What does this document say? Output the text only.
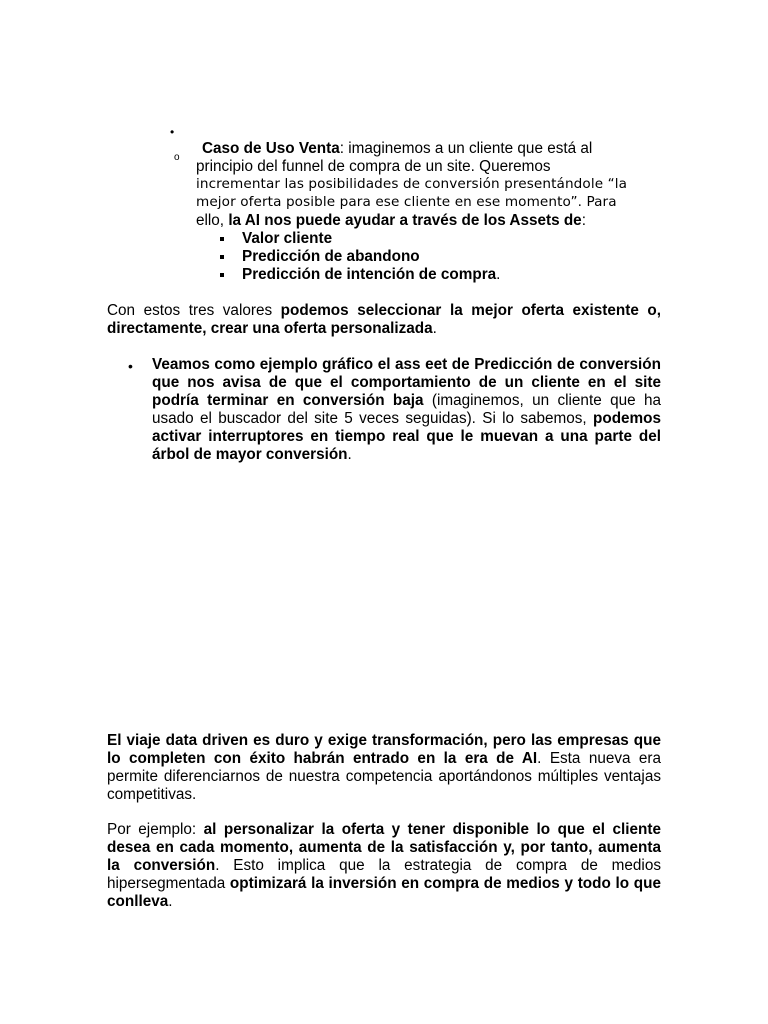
•
o

Caso de Uso Venta: imaginemos a un cliente que está al

principio del funnel de compra de un site. Queremos

incrementar las posibilidades de conversión presentándole “la

mejor oferta posible para ese cliente en ese momento”. Para

ello, la AI nos puede ayudar a través de los Assets de:

Valor cliente
Predicción de abandono
Predicción de intención de compra.

Con estos tres valores podemos seleccionar la mejor oferta existente o, directamente, crear una oferta personalizada.

• Veamos como ejemplo gráfico el ass eet de Predicción de conversión que nos avisa de que el comportamiento de un cliente en el site podría terminar en conversión baja (imaginemos, un cliente que ha usado el buscador del site 5 veces seguidas). Si lo sabemos, podemos activar interruptores en tiempo real que le muevan a una parte del árbol de mayor conversión.

El viaje data driven es duro y exige transformación, pero las empresas que lo completen con éxito habrán entrado en la era de AI. Esta nueva era permite diferenciarnos de nuestra competencia aportándonos múltiples ventajas competitivas.

Por ejemplo: al personalizar la oferta y tener disponible lo que el cliente desea en cada momento, aumenta de la satisfacción y, por tanto, aumenta la conversión. Esto implica que la estrategia de compra de medios hipersegmentada optimizará la inversión en compra de medios y todo lo que conlleva.
